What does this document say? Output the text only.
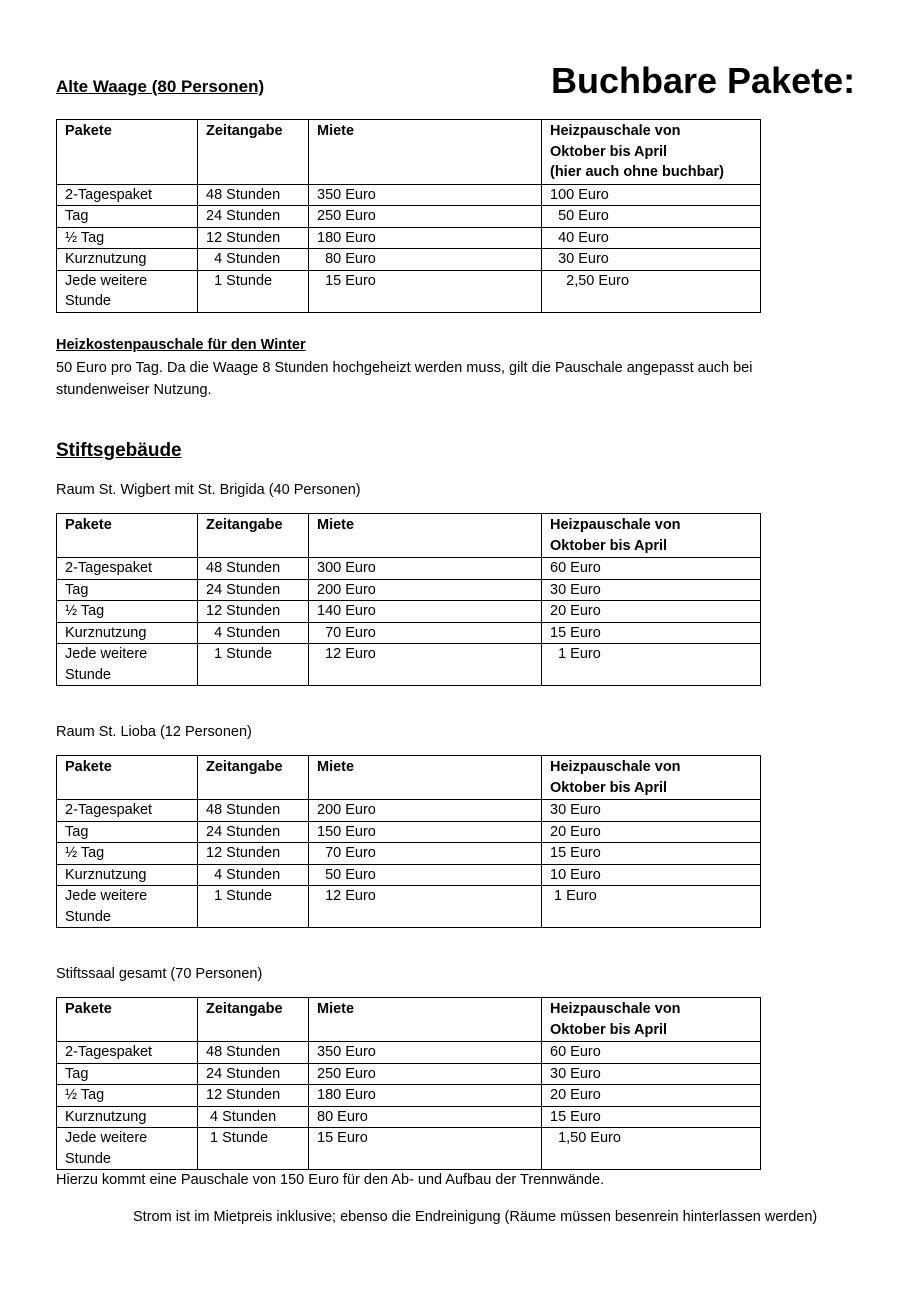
Alte Waage (80 Personen)	Buchbare Pakete:
Pakete	Zeitangabe	Miete	Heizpauschale von
Oktober bis April
(hier auch ohne buchbar)
2-Tagespaket	48 Stunden	350 Euro	100 Euro
Tag	24 Stunden	250 Euro	50 Euro
½ Tag	12 Stunden	180 Euro	40 Euro
Kurznutzung	4 Stunden	80 Euro	30 Euro
Jede weitere
Stunde	1 Stunde	15 Euro	2,50 Euro
Heizkostenpauschale für den Winter
50 Euro pro Tag. Da die Waage 8 Stunden hochgeheizt werden muss, gilt die Pauschale angepasst auch bei stundenweiser Nutzung.
Stiftsgebäude
Raum St. Wigbert mit St. Brigida (40 Personen)
Pakete	Zeitangabe	Miete	Heizpauschale von
Oktober bis April
2-Tagespaket	48 Stunden	300 Euro	60 Euro
Tag	24 Stunden	200 Euro	30 Euro
½ Tag	12 Stunden	140 Euro	20 Euro
Kurznutzung	4 Stunden	70 Euro	15 Euro
Jede weitere
Stunde	1 Stunde	12 Euro	1 Euro
Raum St. Lioba (12 Personen)
Pakete	Zeitangabe	Miete	Heizpauschale von
Oktober bis April
2-Tagespaket	48 Stunden	200 Euro	30 Euro
Tag	24 Stunden	150 Euro	20 Euro
½ Tag	12 Stunden	70 Euro	15 Euro
Kurznutzung	4 Stunden	50 Euro	10 Euro
Jede weitere
Stunde	1 Stunde	12 Euro	1 Euro
Stiftssaal gesamt (70 Personen)
Pakete	Zeitangabe	Miete	Heizpauschale von
Oktober bis April
2-Tagespaket	48 Stunden	350 Euro	60 Euro
Tag	24 Stunden	250 Euro	30 Euro
½ Tag	12 Stunden	180 Euro	20 Euro
Kurznutzung	4 Stunden	80 Euro	15 Euro
Jede weitere
Stunde	1 Stunde	15 Euro	1,50 Euro
Hierzu kommt eine Pauschale von 150 Euro für den Ab- und Aufbau der Trennwände.
Strom ist im Mietpreis inklusive; ebenso die Endreinigung (Räume müssen besenrein hinterlassen werden)
